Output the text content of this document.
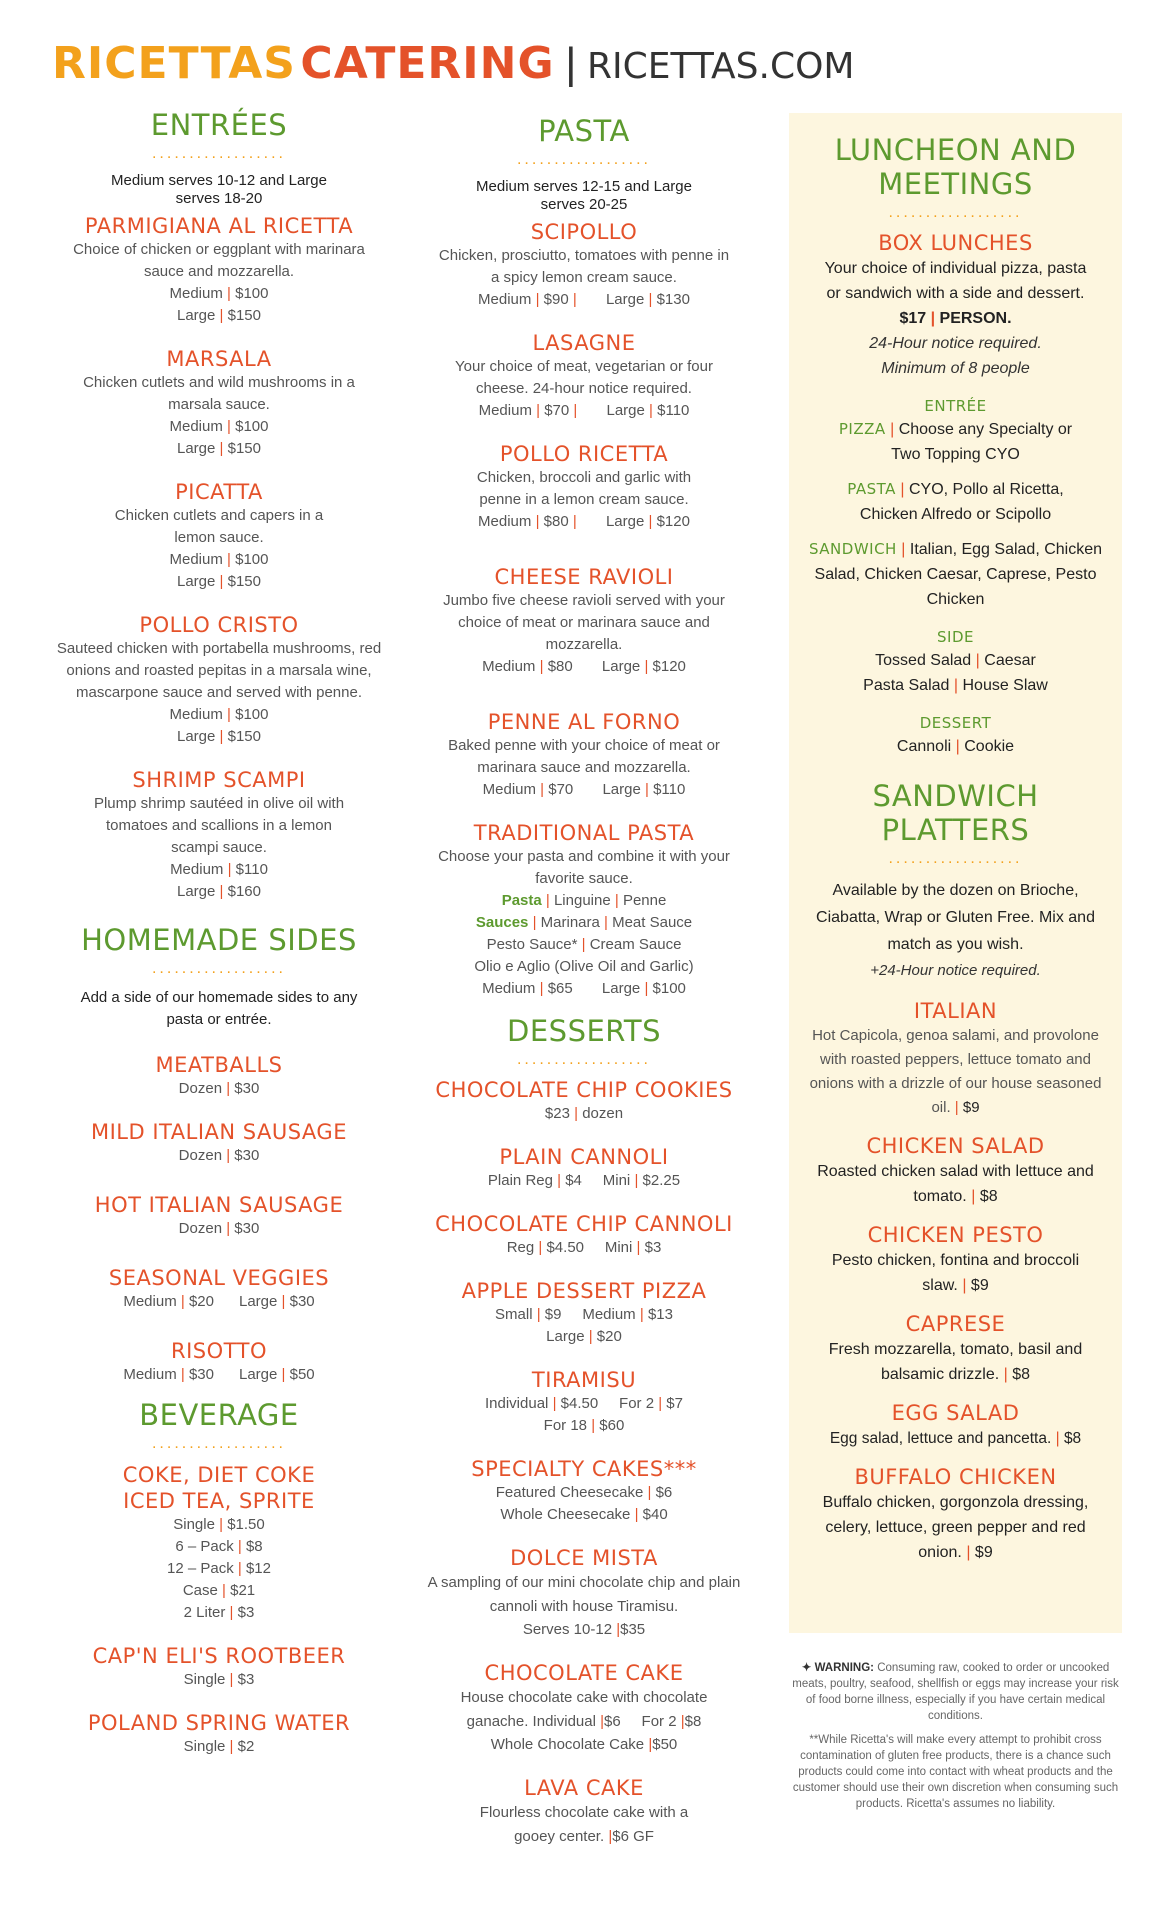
RICETTAS CATERING | RICETTAS.COM
ENTRÉES
..................
Medium serves 10-12 and Large serves 18-20
PARMIGIANA AL RICETTA
Choice of chicken or eggplant with marinara sauce and mozzarella.
Medium | $100
Large | $150
MARSALA
Chicken cutlets and wild mushrooms in a marsala sauce.
Medium | $100
Large | $150
PICATTA
Chicken cutlets and capers in a lemon sauce.
Medium | $100
Large | $150
POLLO CRISTO
Sauteed chicken with portabella mushrooms, red onions and roasted pepitas in a marsala wine, mascarpone sauce and served with penne.
Medium | $100
Large | $150
SHRIMP SCAMPI
Plump shrimp sautéed in olive oil with tomatoes and scallions in a lemon scampi sauce.
Medium | $110
Large | $160
HOMEMADE SIDES
..................
Add a side of our homemade sides to any pasta or entrée.
MEATBALLS
Dozen | $30
MILD ITALIAN SAUSAGE
Dozen | $30
HOT ITALIAN SAUSAGE
Dozen | $30
SEASONAL VEGGIES
Medium | $20 Large | $30
RISOTTO
Medium | $30 Large | $50
BEVERAGE
..................
COKE, DIET COKE ICED TEA, SPRITE
Single | $1.50
6 – Pack | $8
12 – Pack | $12
Case | $21
2 Liter | $3
CAP'N ELI'S ROOTBEER
Single | $3
POLAND SPRING WATER
Single | $2
PASTA
..................
Medium serves 12-15 and Large serves 20-25
SCIPOLLO
Chicken, prosciutto, tomatoes with penne in a spicy lemon cream sauce.
Medium | $90 | Large | $130
LASAGNE
Your choice of meat, vegetarian or four cheese. 24-hour notice required.
Medium | $70 | Large | $110
POLLO RICETTA
Chicken, broccoli and garlic with penne in a lemon cream sauce.
Medium | $80 | Large | $120
CHEESE RAVIOLI
Jumbo five cheese ravioli served with your choice of meat or marinara sauce and mozzarella.
Medium | $80 Large | $120
PENNE AL FORNO
Baked penne with your choice of meat or marinara sauce and mozzarella.
Medium | $70 Large | $110
TRADITIONAL PASTA
Choose your pasta and combine it with your favorite sauce.
Pasta | Linguine | Penne
Sauces | Marinara | Meat Sauce
Pesto Sauce* | Cream Sauce
Olio e Aglio (Olive Oil and Garlic)
Medium | $65 Large | $100
DESSERTS
..................
CHOCOLATE CHIP COOKIES
$23 | dozen
PLAIN CANNOLI
Plain Reg | $4 Mini | $2.25
CHOCOLATE CHIP CANNOLI
Reg | $4.50 Mini | $3
APPLE DESSERT PIZZA
Small | $9 Medium | $13
Large | $20
TIRAMISU
Individual | $4.50 For 2 | $7
For 18 | $60
SPECIALTY CAKES***
Featured Cheesecake | $6
Whole Cheesecake | $40
DOLCE MISTA
A sampling of our mini chocolate chip and plain cannoli with house Tiramisu.
Serves 10-12 |$35
CHOCOLATE CAKE
House chocolate cake with chocolate ganache. Individual |$6 For 2 |$8
Whole Chocolate Cake |$50
LAVA CAKE
Flourless chocolate cake with a gooey center. |$6 GF
LUNCHEON AND MEETINGS
..................
BOX LUNCHES
Your choice of individual pizza, pasta or sandwich with a side and dessert.
$17 | PERSON.
24-Hour notice required.
Minimum of 8 people
ENTRÉE
PIZZA | Choose any Specialty or Two Topping CYO
PASTA | CYO, Pollo al Ricetta, Chicken Alfredo or Scipollo
SANDWICH | Italian, Egg Salad, Chicken Salad, Chicken Caesar, Caprese, Pesto Chicken
SIDE
Tossed Salad | Caesar
Pasta Salad | House Slaw
DESSERT
Cannoli | Cookie
SANDWICH PLATTERS
..................
Available by the dozen on Brioche, Ciabatta, Wrap or Gluten Free. Mix and match as you wish.
+24-Hour notice required.
ITALIAN
Hot Capicola, genoa salami, and provolone with roasted peppers, lettuce tomato and onions with a drizzle of our house seasoned oil. | $9
CHICKEN SALAD
Roasted chicken salad with lettuce and tomato. | $8
CHICKEN PESTO
Pesto chicken, fontina and broccoli slaw. | $9
CAPRESE
Fresh mozzarella, tomato, basil and balsamic drizzle. | $8
EGG SALAD
Egg salad, lettuce and pancetta. | $8
BUFFALO CHICKEN
Buffalo chicken, gorgonzola dressing, celery, lettuce, green pepper and red onion. | $9
✦ WARNING: Consuming raw, cooked to order or uncooked meats, poultry, seafood, shellfish or eggs may increase your risk of food borne illness, especially if you have certain medical conditions.
**While Ricetta's will make every attempt to prohibit cross contamination of gluten free products, there is a chance such products could come into contact with wheat products and the customer should use their own discretion when consuming such products. Ricetta's assumes no liability.
